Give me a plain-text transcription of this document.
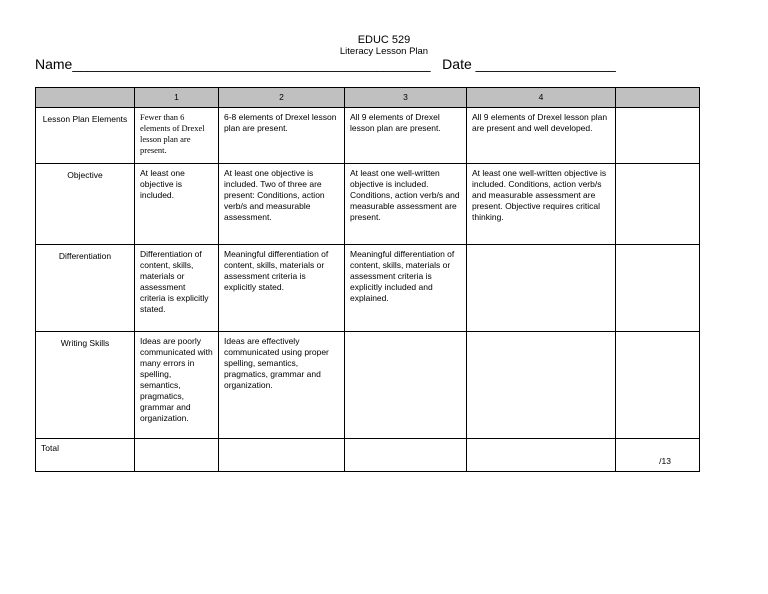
EDUC 529
Literacy Lesson Plan
Name______________________________________________   Date __________________
	1	2	3	4	
Lesson Plan Elements	Fewer than 6 elements of Drexel lesson plan are present.	6-8 elements of Drexel lesson plan are present.	All 9 elements of Drexel lesson plan are present.	All 9 elements of Drexel lesson plan are present and well developed.	
Objective	At least one objective is included.	At least one objective is included. Two of three are present: Conditions, action verb/s and measurable assessment.	At least one well-written objective is included. Conditions, action verb/s and measurable assessment are present.	At least one well-written objective is included. Conditions, action verb/s and measurable assessment are present. Objective requires critical thinking.	
Differentiation	Differentiation of content, skills, materials or assessment criteria is explicitly stated.	Meaningful differentiation of content, skills, materials or assessment criteria is explicitly stated.	Meaningful differentiation of content, skills, materials or assessment criteria is explicitly included and explained.		
Writing Skills	Ideas are poorly communicated with many errors in spelling, semantics, pragmatics, grammar and organization.	Ideas are effectively communicated using proper spelling, semantics, pragmatics, grammar and organization.			
Total					/13
